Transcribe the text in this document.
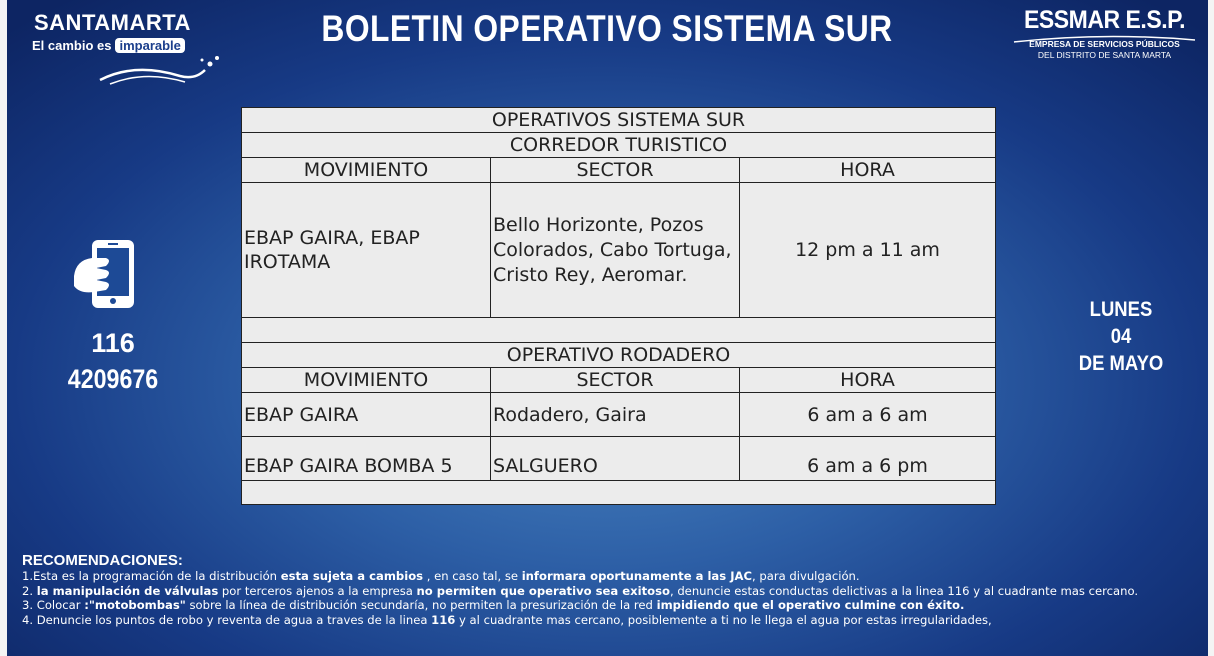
SANTAMARTA
El cambio es imparable	BOLETIN OPERATIVO SISTEMA SUR	ESSMAR E.S.P.
EMPRESA DE SERVICIOS PÚBLICOS
DEL DISTRITO DE SANTA MARTA
116
4209676
LUNES
04
DE MAYO
OPERATIVOS SISTEMA SUR		
CORREDOR TURISTICO		
MOVIMIENTO	SECTOR	HORA
EBAP GAIRA, EBAP IROTAMA	Bello Horizonte, Pozos Colorados, Cabo Tortuga, Cristo Rey, Aeromar.	12 pm a 11 am

OPERATIVO RODADERO		
MOVIMIENTO	SECTOR	HORA
EBAP GAIRA	Rodadero, Gaira	6 am a 6 am
EBAP GAIRA BOMBA 5	SALGUERO	6 am a 6 pm

RECOMENDACIONES:

1.Esta es la programación de la distribución esta sujeta a cambios , en caso tal, se informara oportunamente a las JAC, para divulgación.

2. la manipulación de válvulas por terceros ajenos a la empresa no permiten que operativo sea exitoso, denuncie estas conductas delictivas a la linea 116 y al cuadrante mas cercano.

3. Colocar :"motobombas" sobre la línea de distribución secundaría, no permiten la presurización de la red impidiendo que el operativo culmine con éxito.

4. Denuncie los puntos de robo y reventa de agua a traves de la linea 116 y al cuadrante mas cercano, posiblemente a ti no le llega el agua por estas irregularidades,
